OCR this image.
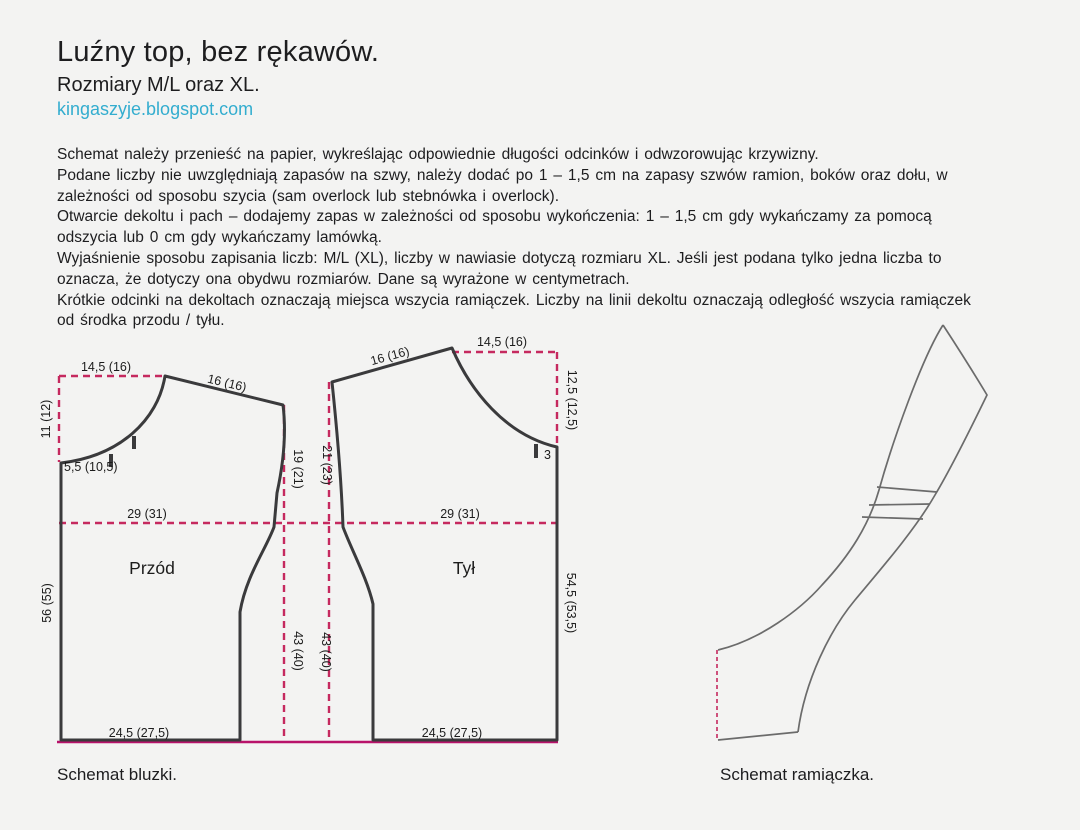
Luźny top, bez rękawów.
Rozmiary M/L oraz XL.
kingaszyje.blogspot.com
Schemat należy przenieść na papier, wykreślając odpowiednie długości odcinków i odwzorowując krzywizny.
Podane liczby nie uwzględniają zapasów na szwy, należy dodać po 1 – 1,5 cm na zapasy szwów ramion, boków oraz dołu, w
zależności od sposobu szycia (sam overlock lub stebnówka i overlock).
Otwarcie dekoltu i pach – dodajemy zapas w zależności od sposobu wykończenia: 1 – 1,5 cm gdy wykańczamy za pomocą
odszycia lub 0 cm gdy wykańczamy lamówką.
Wyjaśnienie sposobu zapisania liczb: M/L (XL), liczby w nawiasie dotyczą rozmiaru XL. Jeśli jest podana tylko jedna liczba to
oznacza, że dotyczy ona obydwu rozmiarów. Dane są wyrażone w centymetrach.
Krótkie odcinki na dekoltach oznaczają miejsca wszycia ramiączek. Liczby na linii dekoltu oznaczają odległość wszycia ramiączek
od środka przodu / tyłu.
14,5 (16)
16 (16)
11 (12)
5,5 (10,5)	19 (21)
29 (31)
Przód
56 (55)
43 (40)
24,5 (27,5)
14,5 (16)
16 (16)
12,5 (12,5)
3
21 (23)
29 (31)
Tył
54,5 (53,5)
43 (40)
24,5 (27,5)
Schemat bluzki.	Schemat ramiączka.
